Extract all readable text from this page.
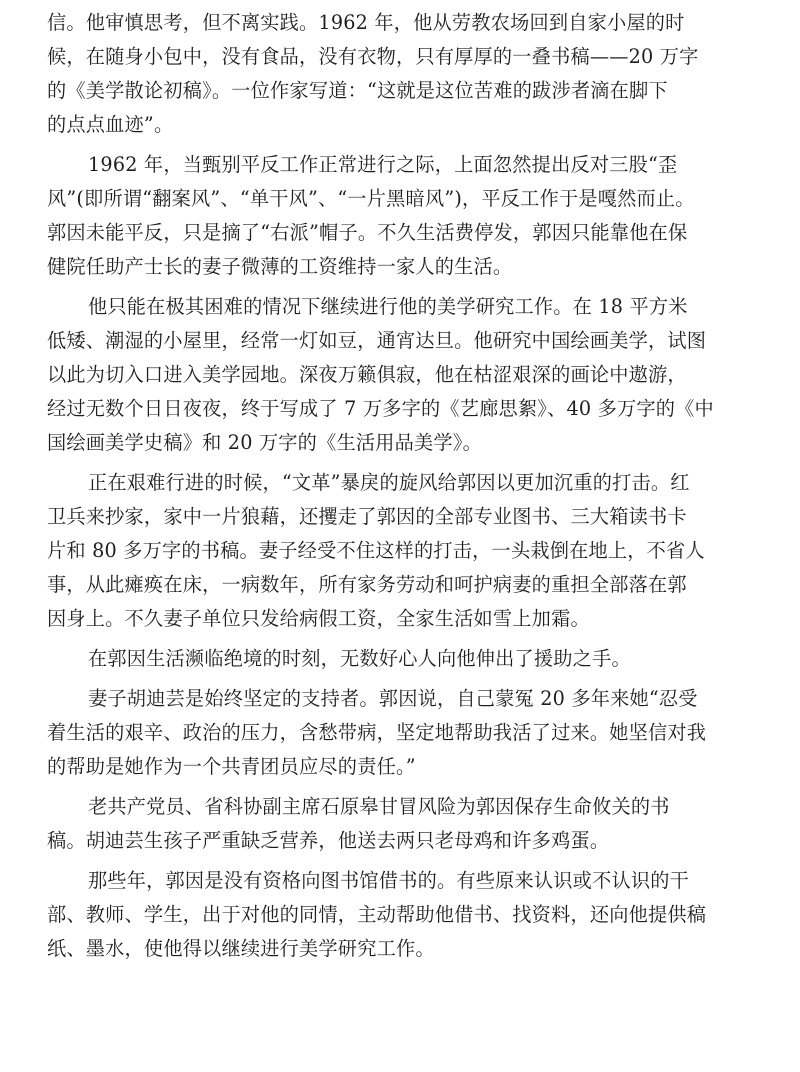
信。他审慎思考，但不离实践。1962 年，他从劳教农场回到自家小屋的时
候，在随身小包中，没有食品，没有衣物，只有厚厚的一叠书稿——20 万字
的《美学散论初稿》。一位作家写道：“这就是这位苦难的跋涉者滴在脚下
的点点血迹”。
1962 年，当甄别平反工作正常进行之际，上面忽然提出反对三股“歪
风”(即所谓“翻案风”、“单干风”、“一片黑暗风”)，平反工作于是嘎然而止。
郭因未能平反，只是摘了“右派”帽子。不久生活费停发，郭因只能靠他在保
健院任助产士长的妻子微薄的工资维持一家人的生活。
他只能在极其困难的情况下继续进行他的美学研究工作。在 18 平方米
低矮、潮湿的小屋里，经常一灯如豆，通宵达旦。他研究中国绘画美学，试图
以此为切入口进入美学园地。深夜万籁俱寂，他在枯涩艰深的画论中遨游，
经过无数个日日夜夜，终于写成了 7 万多字的《艺廊思絮》、40 多万字的《中
国绘画美学史稿》和 20 万字的《生活用品美学》。
正在艰难行进的时候，“文革”暴戾的旋风给郭因以更加沉重的打击。红
卫兵来抄家，家中一片狼藉，还攫走了郭因的全部专业图书、三大箱读书卡
片和 80 多万字的书稿。妻子经受不住这样的打击，一头栽倒在地上，不省人
事，从此瘫痪在床，一病数年，所有家务劳动和呵护病妻的重担全部落在郭
因身上。不久妻子单位只发给病假工资，全家生活如雪上加霜。
在郭因生活濒临绝境的时刻，无数好心人向他伸出了援助之手。
妻子胡迪芸是始终坚定的支持者。郭因说，自己蒙冤 20 多年来她“忍受
着生活的艰辛、政治的压力，含愁带病，坚定地帮助我活了过来。她坚信对我
的帮助是她作为一个共青团员应尽的责任。”
老共产党员、省科协副主席石原皋甘冒风险为郭因保存生命攸关的书
稿。胡迪芸生孩子严重缺乏营养，他送去两只老母鸡和许多鸡蛋。
那些年，郭因是没有资格向图书馆借书的。有些原来认识或不认识的干
部、教师、学生，出于对他的同情，主动帮助他借书、找资料，还向他提供稿
纸、墨水，使他得以继续进行美学研究工作。
